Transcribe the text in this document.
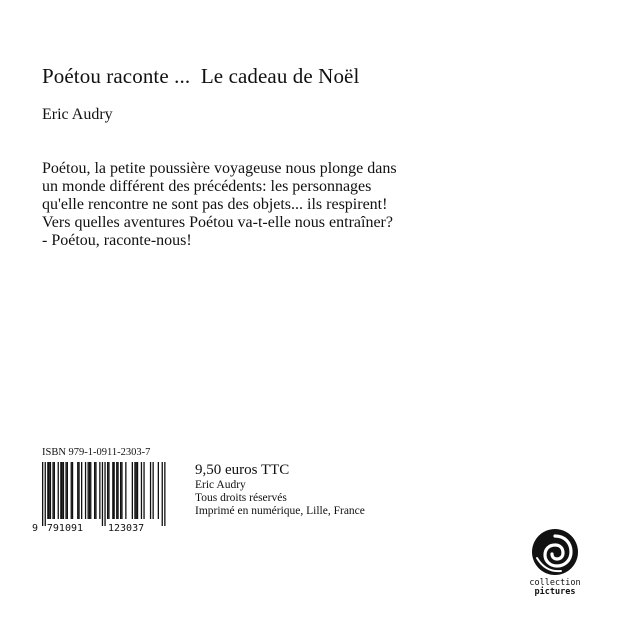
Poétou raconte ...  Le cadeau de Noël
Eric Audry
Poétou, la petite poussière voyageuse nous plonge dans
un monde différent des précédents: les personnages
qu'elle rencontre ne sont pas des objets... ils respirent!
Vers quelles aventures Poétou va-t-elle nous entraîner?
- Poétou, raconte-nous!
ISBN 979-1-0911-2303-7
9 791091 123037
9,50 euros TTC
Eric Audry
Tous droits réservés
Imprimé en numérique, Lille, France
collection
pictures
